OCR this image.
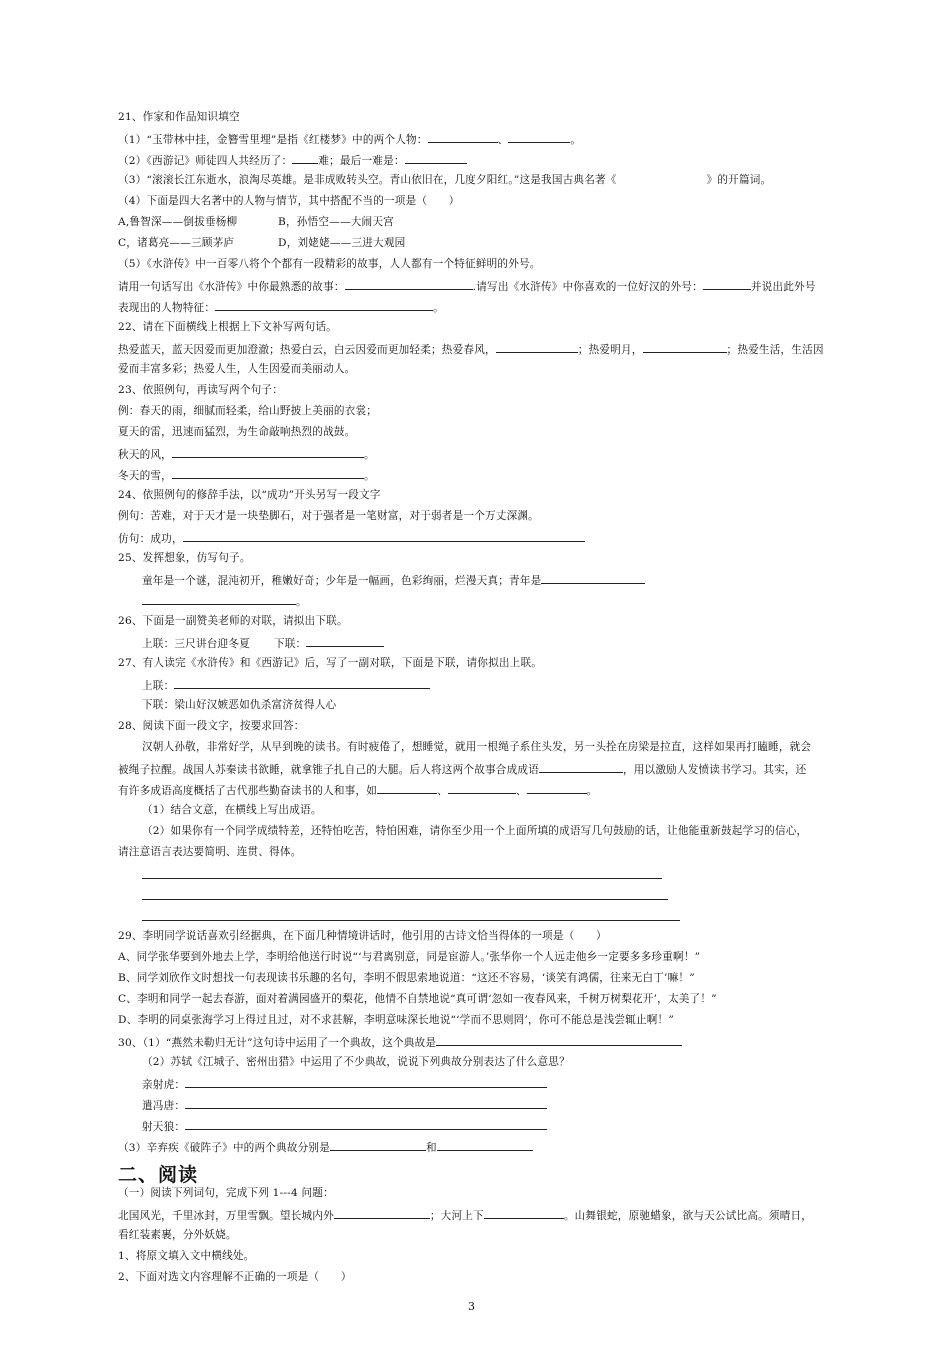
21、作家和作品知识填空
（1）“玉带林中挂，金簪雪里埋”是指《红楼梦》中的两个人物：	、	。
（2）《西游记》师徒四人共经历了： 难；最后一难是：
（3）“滚滚长江东逝水，浪淘尽英雄。是非成败转头空。青山依旧在，几度夕阳红。”这是我国古典名著《	》的开篇词。
（4）下面是四大名著中的人物与情节，其中搭配不当的一项是（　　）
A,鲁智深——倒拔垂杨柳	B，孙悟空——大闹天宫
C，诸葛亮——三顾茅庐	D，刘姥姥——三进大观园
（5）《水浒传》中一百零八将个个都有一段精彩的故事，人人都有一个特征鲜明的外号。
请用一句话写出《水浒传》中你最熟悉的故事：	.请写出《水浒传》中你喜欢的一位好汉的外号：	并说出此外号
表现出的人物特征：	。
22、请在下面横线上根据上下文补写两句话。
热爱蓝天，蓝天因爱而更加澄澈；热爱白云，白云因爱而更加轻柔；热爱春风，	；热爱明月，	；热爱生活，生活因
爱而丰富多彩；热爱人生，人生因爱而美丽动人。
23、依照例句，再读写两个句子：
例：春天的雨，细腻而轻柔，给山野披上美丽的衣裳；
夏天的雷，迅速而猛烈，为生命敲响热烈的战鼓。
秋天的风，	。
冬天的雪，	。
24、依照例句的修辞手法，以“成功”开头另写一段文字
例句：苦难，对于天才是一块垫脚石，对于强者是一笔财富，对于弱者是一个万丈深渊。
仿句：成功，
25、发挥想象，仿写句子。
童年是一个谜，混沌初开，稚嫩好奇；少年是一幅画，色彩绚丽，烂漫天真；青年是
。
26、下面是一副赞美老师的对联，请拟出下联。
上联：三尺讲台迎冬夏 下联：
27、有人读完《水浒传》和《西游记》后，写了一副对联，下面是下联，请你拟出上联。
上联：
下联：梁山好汉嫉恶如仇杀富济贫得人心
28、阅读下面一段文字，按要求回答：
汉朝人孙敬，非常好学，从早到晚的读书。有时疲倦了，想睡觉，就用一根绳子系住头发，另一头拴在房梁是拉直，这样如果再打瞌睡，就会
被绳子拉醒。战国人苏秦读书欲睡，就拿锥子扎自己的大腿。后人将这两个故事合成成语	，用以激励人发愤读书学习。其实，还
有许多成语高度概括了古代那些勤奋读书的人和事，如	、	、	。
（1）结合文意，在横线上写出成语。
（2）如果你有一个同学成绩特差，还特怕吃苦，特怕困难，请你至少用一个上面所填的成语写几句鼓励的话，让他能重新鼓起学习的信心，
请注意语言表达要简明、连贯、得体。
29、李明同学说话喜欢引经据典，在下面几种情境讲话时，他引用的古诗文恰当得体的一项是（　　）
A、同学张华要到外地去上学，李明给他送行时说“‘与君离别意，同是宦游人。’张华你一个人远走他乡一定要多多珍重啊！”
B、同学刘欣作文时想找一句表现读书乐趣的名句，李明不假思索地说道：“这还不容易，‘谈笑有鸿儒，往来无白丁’嘛！”
C、李明和同学一起去春游，面对着满园盛开的梨花，他情不自禁地说“真可谓‘忽如一夜春风来，千树万树梨花开’，太美了！”
D、李明的同桌张海学习上得过且过，对不求甚解，李明意味深长地说“‘学而不思则罔’，你可不能总是浅尝辄止啊！”
30、（1）“燕然未勒归无计”这句诗中运用了一个典故，这个典故是
（2）苏轼《江城子、密州出猎》中运用了不少典故，说说下列典故分别表达了什么意思？
亲射虎：
遣冯唐：
射天狼：
（3）辛弃疾《破阵子》中的两个典故分别是	和
二、阅读
（一）阅读下列词句，完成下列 1---4 问题：
北国风光，千里冰封，万里雪飘。望长城内外	；大河上下	。山舞银蛇，原驰蜡象，欲与天公试比高。须晴日，
看红装素裹，分外妖娆。
1、将原文填入文中横线处。
2、下面对选文内容理解不正确的一项是（　　）
3
